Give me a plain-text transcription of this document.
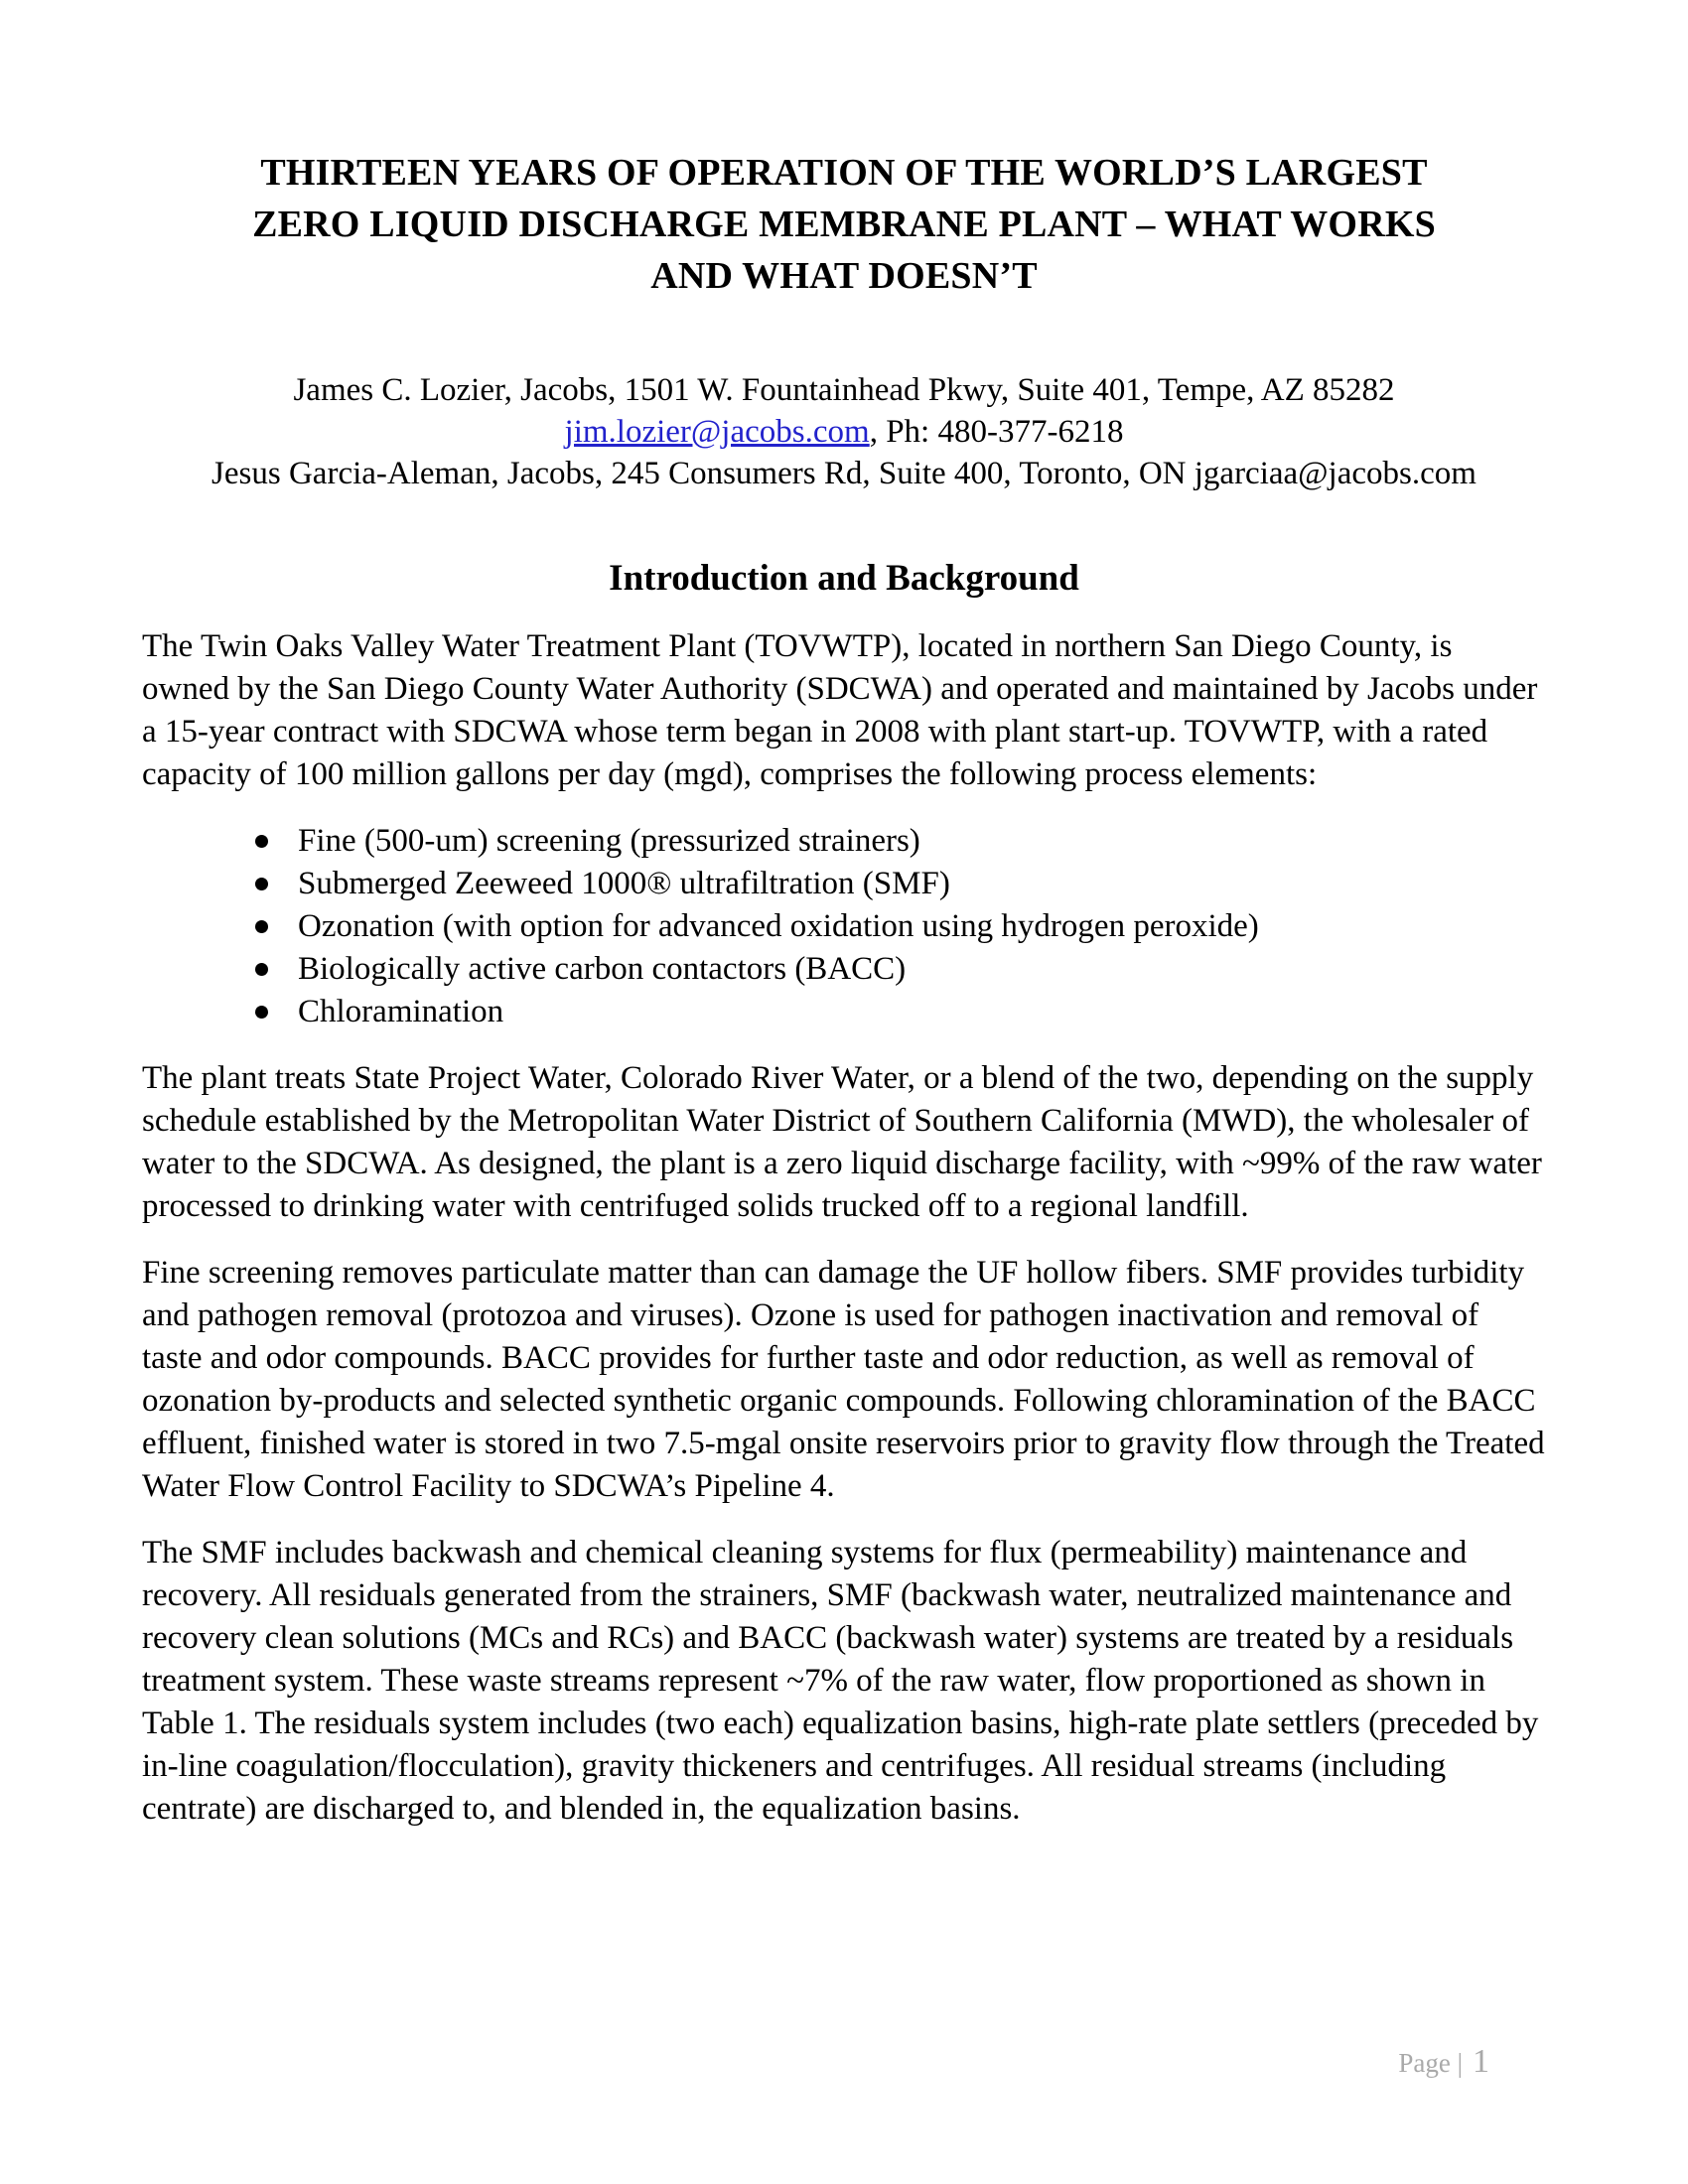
THIRTEEN YEARS OF OPERATION OF THE WORLD’S LARGEST
ZERO LIQUID DISCHARGE MEMBRANE PLANT – WHAT WORKS
AND WHAT DOESN’T
James C. Lozier, Jacobs, 1501 W. Fountainhead Pkwy, Suite 401, Tempe, AZ 85282
jim.lozier@jacobs.com, Ph: 480-377-6218
Jesus Garcia-Aleman, Jacobs, 245 Consumers Rd, Suite 400, Toronto, ON jgarciaa@jacobs.com
Introduction and Background

The Twin Oaks Valley Water Treatment Plant (TOVWTP), located in northern San Diego County, is owned by the San Diego County Water Authority (SDCWA) and operated and maintained by Jacobs under a 15-year contract with SDCWA whose term began in 2008 with plant start-up. TOVWTP, with a rated capacity of 100 million gallons per day (mgd), comprises the following process elements:

Fine (500-um) screening (pressurized strainers)
Submerged Zeeweed 1000® ultrafiltration (SMF)
Ozonation (with option for advanced oxidation using hydrogen peroxide)
Biologically active carbon contactors (BACC)
Chloramination

The plant treats State Project Water, Colorado River Water, or a blend of the two, depending on the supply schedule established by the Metropolitan Water District of Southern California (MWD), the wholesaler of water to the SDCWA. As designed, the plant is a zero liquid discharge facility, with ~99% of the raw water processed to drinking water with centrifuged solids trucked off to a regional landfill.

Fine screening removes particulate matter than can damage the UF hollow fibers. SMF provides turbidity and pathogen removal (protozoa and viruses). Ozone is used for pathogen inactivation and removal of taste and odor compounds. BACC provides for further taste and odor reduction, as well as removal of ozonation by-products and selected synthetic organic compounds. Following chloramination of the BACC effluent, finished water is stored in two 7.5-mgal onsite reservoirs prior to gravity flow through the Treated Water Flow Control Facility to SDCWA’s Pipeline 4.

The SMF includes backwash and chemical cleaning systems for flux (permeability) maintenance and recovery. All residuals generated from the strainers, SMF (backwash water, neutralized maintenance and recovery clean solutions (MCs and RCs) and BACC (backwash water) systems are treated by a residuals treatment system. These waste streams represent ~7% of the raw water, flow proportioned as shown in Table 1. The residuals system includes (two each) equalization basins, high-rate plate settlers (preceded by in-line coagulation/flocculation), gravity thickeners and centrifuges. All residual streams (including centrate) are discharged to, and blended in, the equalization basins.

Page | 1
